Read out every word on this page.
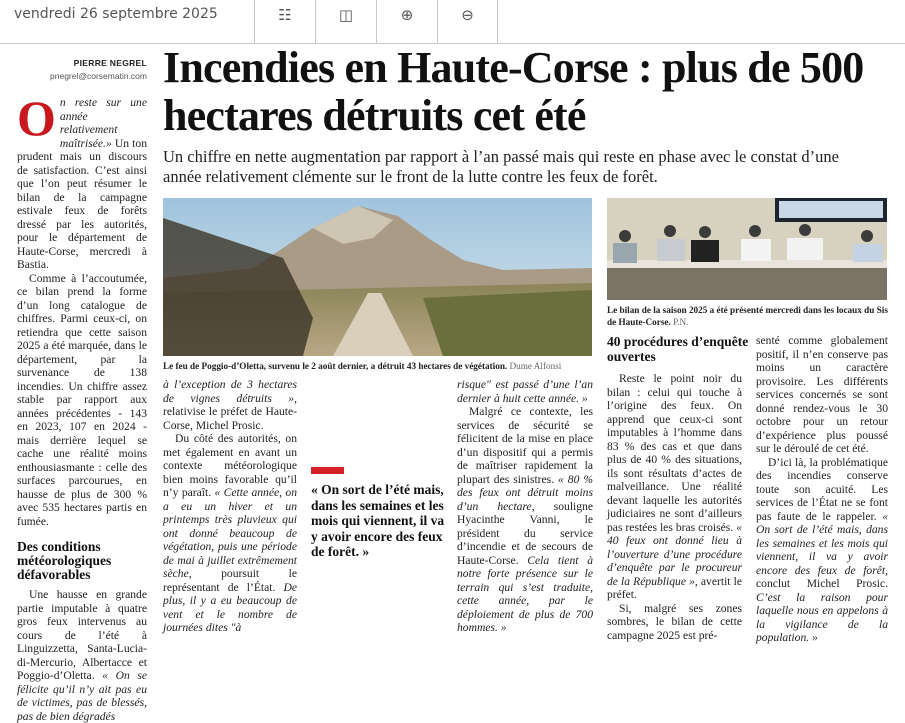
vendredi 26 septembre 2025	☷	◫	⊕	⊖
PIERRE NEGREL
pnegrel@corsematin.com Incendies en Haute-Corse : plus de 500 hectares détruits cet été

Un chiffre en nette augmentation par rapport à l’an passé mais qui reste en phase avec le constat d’une année relativement clémente sur le front de la lutte contre les feux de forêt.

On reste sur une année relativement maîtrisée.» Un ton prudent mais un discours de satisfaction. C’est ainsi que l’on peut résumer le bilan de la campagne estivale feux de forêts dressé par les autorités, pour le département de Haute-Corse, mercredi à Bastia.

Comme à l’accoutumée, ce bilan prend la forme d’un long catalogue de chiffres. Parmi ceux-ci, on retiendra que cette saison 2025 a été marquée, dans le département, par la survenance de 138 incendies. Un chiffre assez stable par rapport aux années précédentes - 143 en 2023, 107 en 2024 - mais derrière lequel se cache une réalité moins enthousiasmante : celle des surfaces parcourues, en hausse de plus de 300 % avec 535 hectares partis en fumée.

Des conditions météorologiques défavorables

Une hausse en grande partie imputable à quatre gros feux intervenus au cours de l’été à Linguizzetta, Santa-Lucia-di-Mercurio, Albertacce et Poggio-d’Oletta. « On se félicite qu’il n’y ait pas eu de victimes, pas de blessés, pas de bien dégradés

Le feu de Poggio-d’Oletta, survenu le 2 août dernier, a détruit 43 hectares de végétation. Dume Alfonsi
Le bilan de la saison 2025 a été présenté mercredi dans les locaux du Sis de Haute-Corse. P.N.

à l’exception de 3 hectares de vignes détruits », relativise le préfet de Haute-Corse, Michel Prosic.

Du côté des autorités, on met également en avant un contexte météorologique bien moins favorable qu’il n’y paraît. « Cette année, on a eu un hiver et un printemps très pluvieux qui ont donné beaucoup de végétation, puis une période de mai à juillet extrêmement sèche, poursuit le représentant de l’État. De plus, il y a eu beaucoup de vent et le nombre de journées dites "à

« On sort de l’été mais, dans les semaines et les mois qui viennent, il va y avoir encore des feux de forêt. »

risque" est passé d’une l’an dernier à huit cette année. »

Malgré ce contexte, les services de sécurité se félicitent de la mise en place d’un dispositif qui a permis de maîtriser rapidement la plupart des sinistres. « 80 % des feux ont détruit moins d’un hectare, souligne Hyacinthe Vanni, le président du service d’incendie et de secours de Haute-Corse. Cela tient à notre forte présence sur le terrain qui s’est traduite, cette année, par le déploiement de plus de 700 hommes. »

40 procédures d’enquête ouvertes

Reste le point noir du bilan : celui qui touche à l’origine des feux. On apprend que ceux-ci sont imputables à l’homme dans 83 % des cas et que dans plus de 40 % des situations, ils sont résultats d’actes de malveillance. Une réalité devant laquelle les autorités judiciaires ne sont d’ailleurs pas restées les bras croisés. « 40 feux ont donné lieu à l’ouverture d’une procédure d’enquête par le procureur de la République », avertit le préfet.

Si, malgré ses zones sombres, le bilan de cette campagne 2025 est pré-

senté comme globalement positif, il n’en conserve pas moins un caractère provisoire. Les différents services concernés se sont donné rendez-vous le 30 octobre pour un retour d’expérience plus poussé sur le déroulé de cet été.

D’ici là, la problématique des incendies conserve toute son acuité. Les services de l’État ne se font pas faute de le rappeler. « On sort de l’été mais, dans les semaines et les mois qui viennent, il va y avoir encore des feux de forêt, conclut Michel Prosic. C’est la raison pour laquelle nous en appelons à la vigilance de la population. »
